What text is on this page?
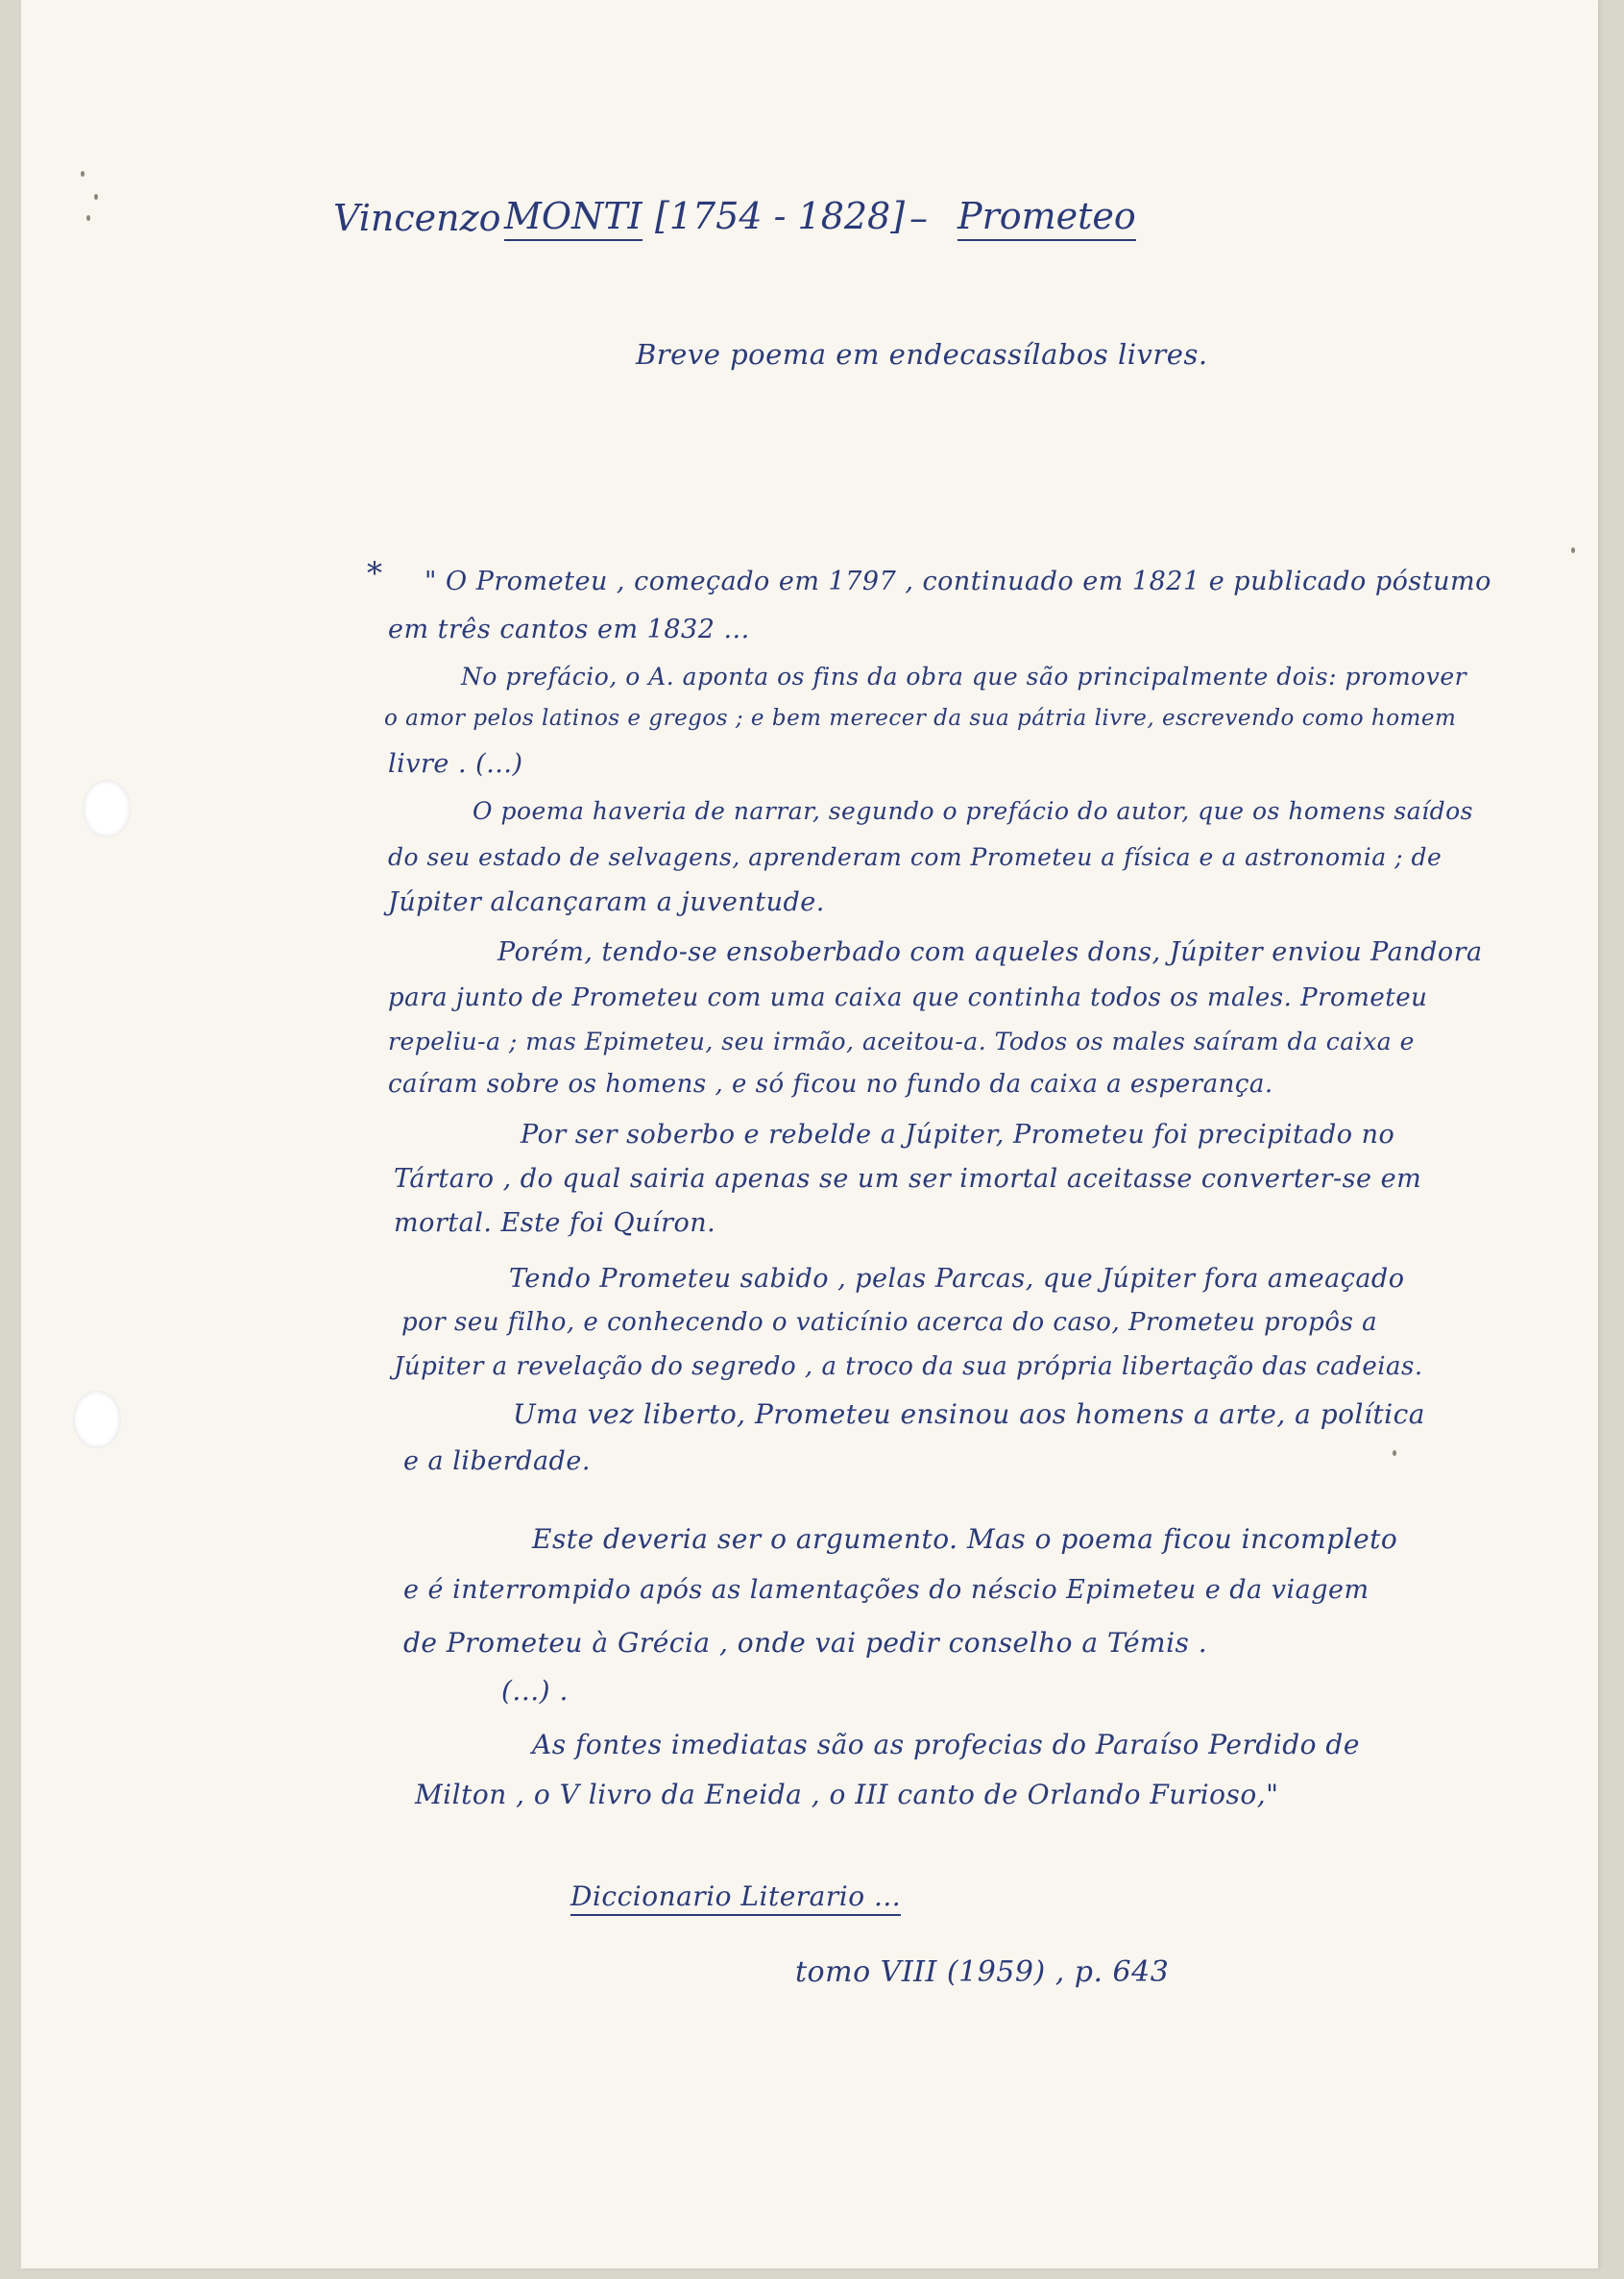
Vincenzo MONTI [1754 - 1828] – Prometeo
Breve poema em endecassílabos livres.
* " O Prometeu , começado em 1797 , continuado em 1821 e publicado póstumo
em três cantos em 1832 ...
No prefácio, o A. aponta os fins da obra que são principalmente dois: promover
o amor pelos latinos e gregos ; e bem merecer da sua pátria livre, escrevendo como homem
livre . (...)
O poema haveria de narrar, segundo o prefácio do autor, que os homens saídos
do seu estado de selvagens, aprenderam com Prometeu a física e a astronomia ; de
Júpiter alcançaram a juventude.
Porém, tendo-se ensoberbado com aqueles dons, Júpiter enviou Pandora
para junto de Prometeu com uma caixa que continha todos os males. Prometeu
repeliu-a ; mas Epimeteu, seu irmão, aceitou-a. Todos os males saíram da caixa e
caíram sobre os homens , e só ficou no fundo da caixa a esperança.
Por ser soberbo e rebelde a Júpiter, Prometeu foi precipitado no
Tártaro , do qual sairia apenas se um ser imortal aceitasse converter-se em
mortal. Este foi Quíron.
Tendo Prometeu sabido , pelas Parcas, que Júpiter fora ameaçado
por seu filho, e conhecendo o vaticínio acerca do caso, Prometeu propôs a
Júpiter a revelação do segredo , a troco da sua própria libertação das cadeias.
Uma vez liberto, Prometeu ensinou aos homens a arte, a política
e a liberdade.
Este deveria ser o argumento. Mas o poema ficou incompleto
e é interrompido após as lamentações do néscio Epimeteu e da viagem
de Prometeu à Grécia , onde vai pedir conselho a Témis .
(...) .
As fontes imediatas são as profecias do Paraíso Perdido de
Milton , o V livro da Eneida , o III canto de Orlando Furioso,"
Diccionario Literario ...
tomo VIII (1959) , p. 643
